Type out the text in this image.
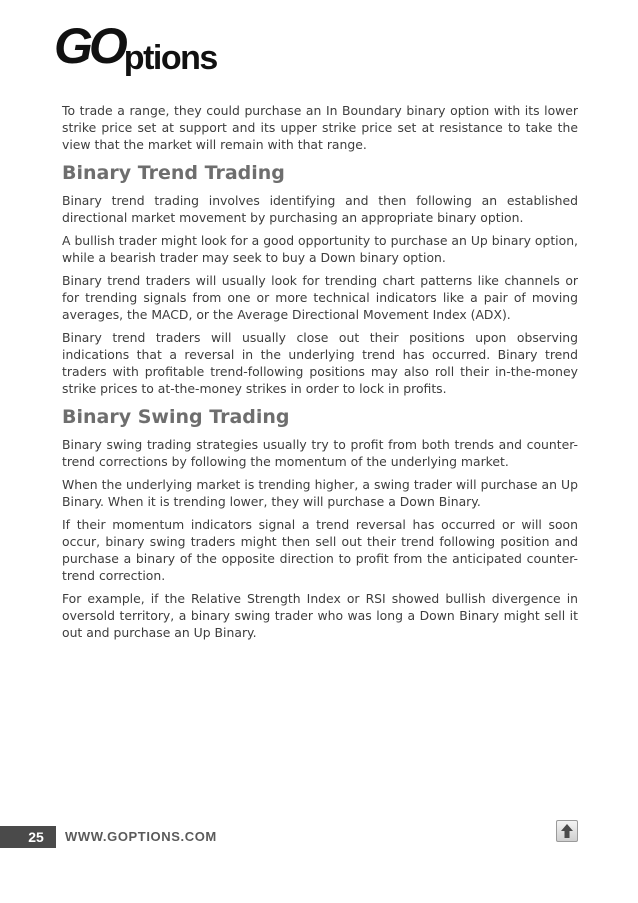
GOptions

To trade a range, they could purchase an In Boundary binary option with its lower strike price set at support and its upper strike price set at resistance to take the view that the market will remain with that range.

Binary Trend Trading

Binary trend trading involves identifying and then following an established directional market movement by purchasing an appropriate binary option.

A bullish trader might look for a good opportunity to purchase an Up binary option, while a bearish trader may seek to buy a Down binary option.

Binary trend traders will usually look for trending chart patterns like channels or for trending signals from one or more technical indicators like a pair of moving averages, the MACD, or the Average Directional Movement Index (ADX).

Binary trend traders will usually close out their positions upon observing indications that a reversal in the underlying trend has occurred. Binary trend traders with profitable trend-following positions may also roll their in-the-money strike prices to at-the-money strikes in order to lock in profits.

Binary Swing Trading

Binary swing trading strategies usually try to profit from both trends and counter-trend corrections by following the momentum of the underlying market.

When the underlying market is trending higher, a swing trader will purchase an Up Binary. When it is trending lower, they will purchase a Down Binary.

If their momentum indicators signal a trend reversal has occurred or will soon occur, binary swing traders might then sell out their trend following position and purchase a binary of the opposite direction to profit from the anticipated counter-trend correction.

For example, if the Relative Strength Index or RSI showed bullish divergence in oversold territory, a binary swing trader who was long a Down Binary might sell it out and purchase an Up Binary.

25	WWW.GOPTIONS.COM
